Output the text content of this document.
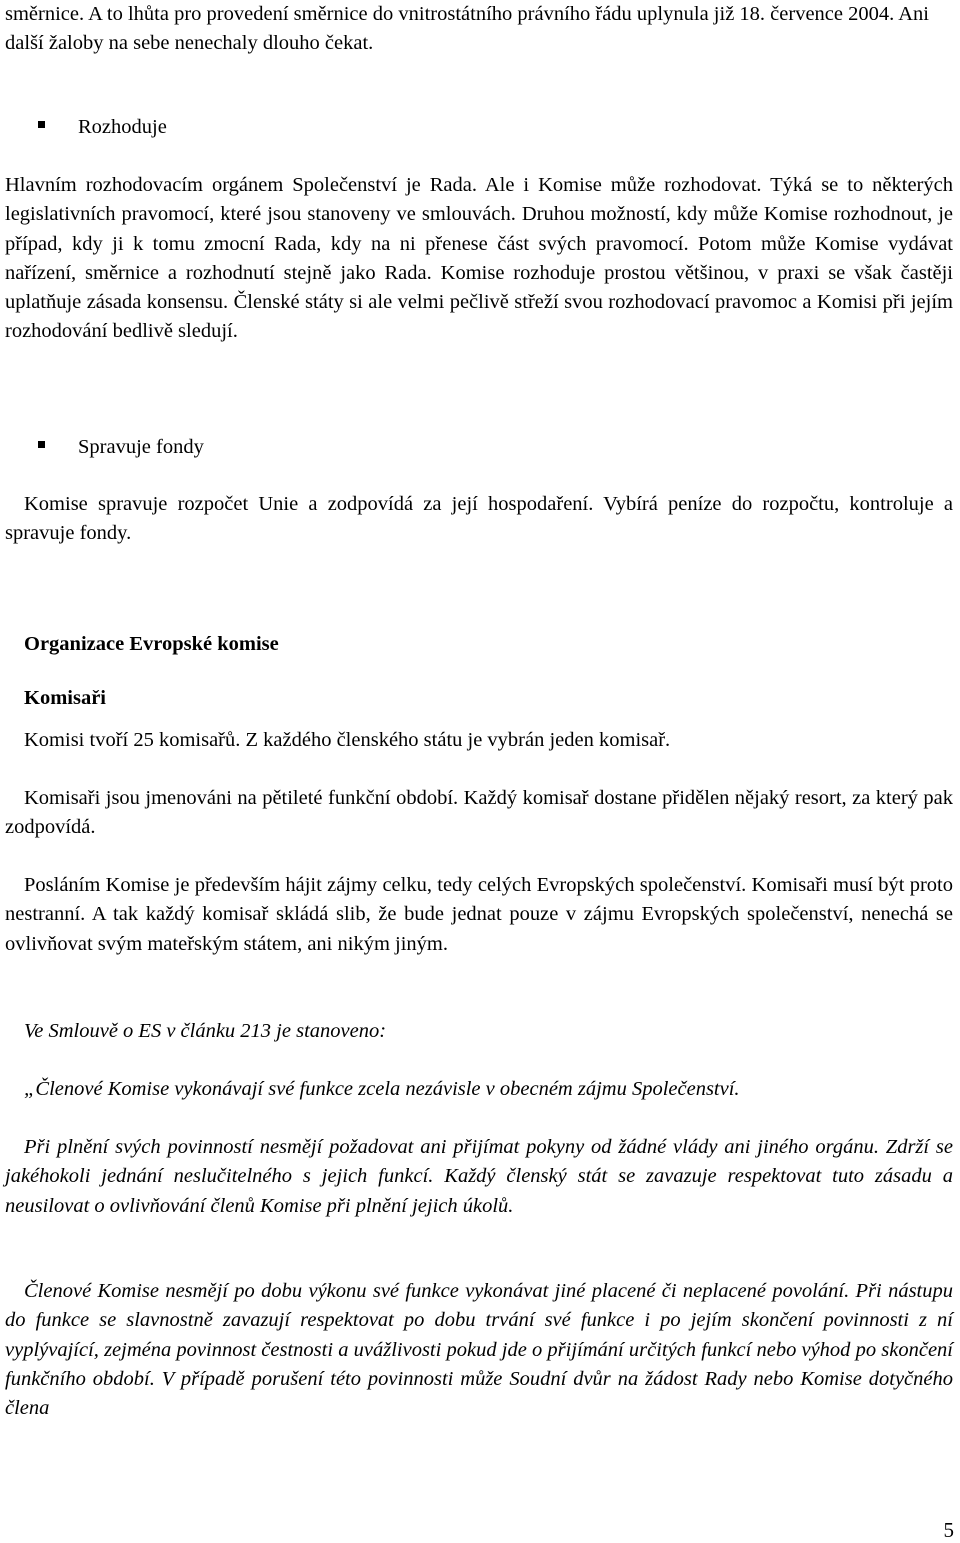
směrnice. A to lhůta pro provedení směrnice do vnitrostátního právního řádu uplynula již 18. července 2004. Ani další žaloby na sebe nenechaly dlouho čekat.

Rozhoduje

Hlavním rozhodovacím orgánem Společenství je Rada. Ale i Komise může rozhodovat. Týká se to některých legislativních pravomocí, které jsou stanoveny ve smlouvách. Druhou možností, kdy může Komise rozhodnout, je případ, kdy ji k tomu zmocní Rada, kdy na ni přenese část svých pravomocí. Potom může Komise vydávat nařízení, směrnice a rozhodnutí stejně jako Rada. Komise rozhoduje prostou většinou, v praxi se však častěji uplatňuje zásada konsensu. Členské státy si ale velmi pečlivě střeží svou rozhodovací pravomoc a Komisi při jejím rozhodování bedlivě sledují.

Spravuje fondy

Komise spravuje rozpočet Unie a zodpovídá za její hospodaření. Vybírá peníze do rozpočtu, kontroluje a spravuje fondy.

Organizace Evropské komise
Komisaři

Komisi tvoří 25 komisařů. Z každého členského státu je vybrán jeden komisař.

Komisaři jsou jmenováni na pětileté funkční období. Každý komisař dostane přidělen nějaký resort, za který pak zodpovídá.

Posláním Komise je především hájit zájmy celku, tedy celých Evropských společenství. Komisaři musí být proto nestranní. A tak každý komisař skládá slib, že bude jednat pouze v zájmu Evropských společenství, nenechá se ovlivňovat svým mateřským státem, ani nikým jiným.

Ve Smlouvě o ES v článku 213 je stanoveno:

„Členové Komise vykonávají své funkce zcela nezávisle v obecném zájmu Společenství.

Při plnění svých povinností nesmějí požadovat ani přijímat pokyny od žádné vlády ani jiného orgánu. Zdrží se jakéhokoli jednání neslučitelného s jejich funkcí. Každý členský stát se zavazuje respektovat tuto zásadu a neusilovat o ovlivňování členů Komise při plnění jejich úkolů.

Členové Komise nesmějí po dobu výkonu své funkce vykonávat jiné placené či neplacené povolání. Při nástupu do funkce se slavnostně zavazují respektovat po dobu trvání své funkce i po jejím skončení povinnosti z ní vyplývající, zejména povinnost čestnosti a uvážlivosti pokud jde o přijímání určitých funkcí nebo výhod po skončení funkčního období. V případě porušení této povinnosti může Soudní dvůr na žádost Rady nebo Komise dotyčného člena

5
